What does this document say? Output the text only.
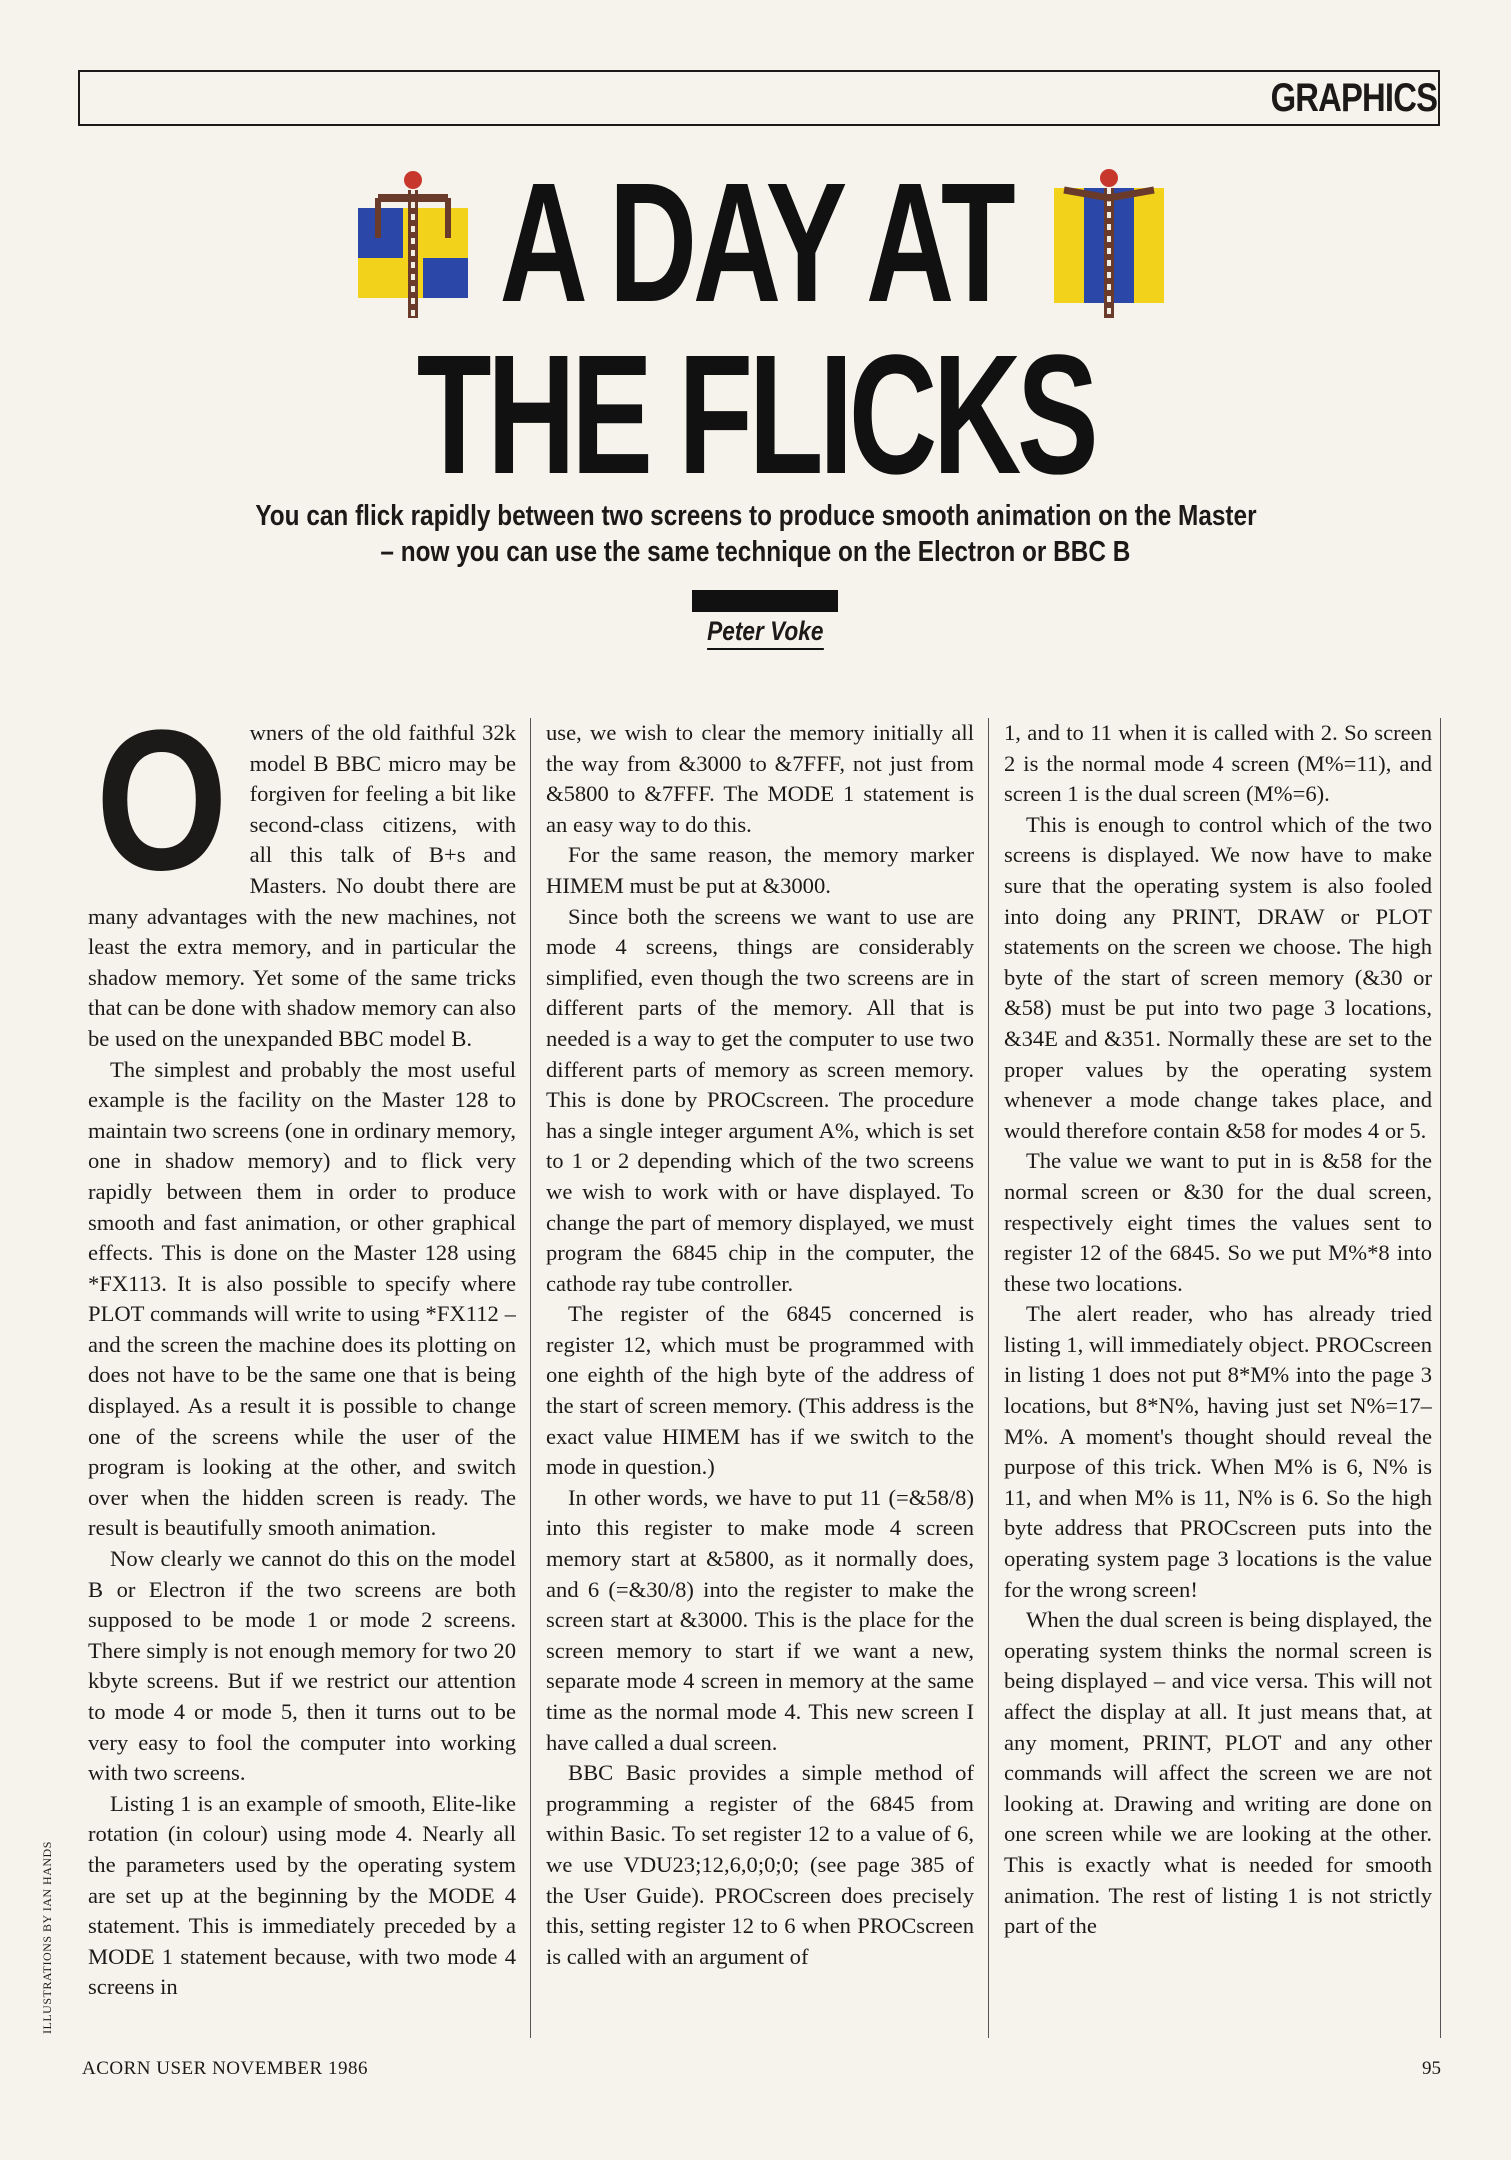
GRAPHICS
A DAY AT
THE FLICKS
You can flick rapidly between two screens to produce smooth animation on the Master
– now you can use the same technique on the Electron or BBC B
Peter Voke
O wners of the old faithful 32k model B BBC micro may be forgiven for feeling a bit like second-class citizens, with all this talk of B+s and Masters. No doubt there are many advantages with the new machines, not least the extra memory, and in particular the shadow memory. Yet some of the same tricks that can be done with shadow memory can also be used on the unexpanded BBC model B.

The simplest and probably the most useful example is the facility on the Master 128 to maintain two screens (one in ordinary memory, one in shadow memory) and to flick very rapidly between them in order to produce smooth and fast animation, or other graphical effects. This is done on the Master 128 using *FX113. It is also possible to specify where PLOT commands will write to using *FX112 – and the screen the machine does its plotting on does not have to be the same one that is being displayed. As a result it is possible to change one of the screens while the user of the program is looking at the other, and switch over when the hidden screen is ready. The result is beautifully smooth animation.

Now clearly we cannot do this on the model B or Electron if the two screens are both supposed to be mode 1 or mode 2 screens. There simply is not enough memory for two 20 kbyte screens. But if we restrict our attention to mode 4 or mode 5, then it turns out to be very easy to fool the computer into working with two screens.

Listing 1 is an example of smooth, Elite-like rotation (in colour) using mode 4. Nearly all the parameters used by the operating system are set up at the beginning by the MODE 4 statement. This is immediately preceded by a MODE 1 statement because, with two mode 4 screens in

use, we wish to clear the memory initially all the way from &3000 to &7FFF, not just from &5800 to &7FFF. The MODE 1 statement is an easy way to do this.

For the same reason, the memory marker HIMEM must be put at &3000.

Since both the screens we want to use are mode 4 screens, things are considerably simplified, even though the two screens are in different parts of the memory. All that is needed is a way to get the computer to use two different parts of memory as screen memory. This is done by PROCscreen. The procedure has a single integer argument A%, which is set to 1 or 2 depending which of the two screens we wish to work with or have displayed. To change the part of memory displayed, we must program the 6845 chip in the computer, the cathode ray tube controller.

The register of the 6845 concerned is register 12, which must be programmed with one eighth of the high byte of the address of the start of screen memory. (This address is the exact value HIMEM has if we switch to the mode in question.)

In other words, we have to put 11 (=&58/8) into this register to make mode 4 screen memory start at &5800, as it normally does, and 6 (=&30/8) into the register to make the screen start at &3000. This is the place for the screen memory to start if we want a new, separate mode 4 screen in memory at the same time as the normal mode 4. This new screen I have called a dual screen.

BBC Basic provides a simple method of programming a register of the 6845 from within Basic. To set register 12 to a value of 6, we use VDU23;12,6,0;0;0; (see page 385 of the User Guide). PROCscreen does precisely this, setting register 12 to 6 when PROCscreen is called with an argument of

1, and to 11 when it is called with 2. So screen 2 is the normal mode 4 screen (M%=11), and screen 1 is the dual screen (M%=6).

This is enough to control which of the two screens is displayed. We now have to make sure that the operating system is also fooled into doing any PRINT, DRAW or PLOT statements on the screen we choose. The high byte of the start of screen memory (&30 or &58) must be put into two page 3 locations, &34E and &351. Normally these are set to the proper values by the operating system whenever a mode change takes place, and would therefore contain &58 for modes 4 or 5.

The value we want to put in is &58 for the normal screen or &30 for the dual screen, respectively eight times the values sent to register 12 of the 6845. So we put M%*8 into these two locations.

The alert reader, who has already tried listing 1, will immediately object. PROCscreen in listing 1 does not put 8*M% into the page 3 locations, but 8*N%, having just set N%=17–M%. A moment's thought should reveal the purpose of this trick. When M% is 6, N% is 11, and when M% is 11, N% is 6. So the high byte address that PROCscreen puts into the operating system page 3 locations is the value for the wrong screen!

When the dual screen is being displayed, the operating system thinks the normal screen is being displayed – and vice versa. This will not affect the display at all. It just means that, at any moment, PRINT, PLOT and any other commands will affect the screen we are not looking at. Drawing and writing are done on one screen while we are looking at the other. This is exactly what is needed for smooth animation. The rest of listing 1 is not strictly part of the

ILLUSTRATIONS BY IAN HANDS
ACORN USER NOVEMBER 1986	95
